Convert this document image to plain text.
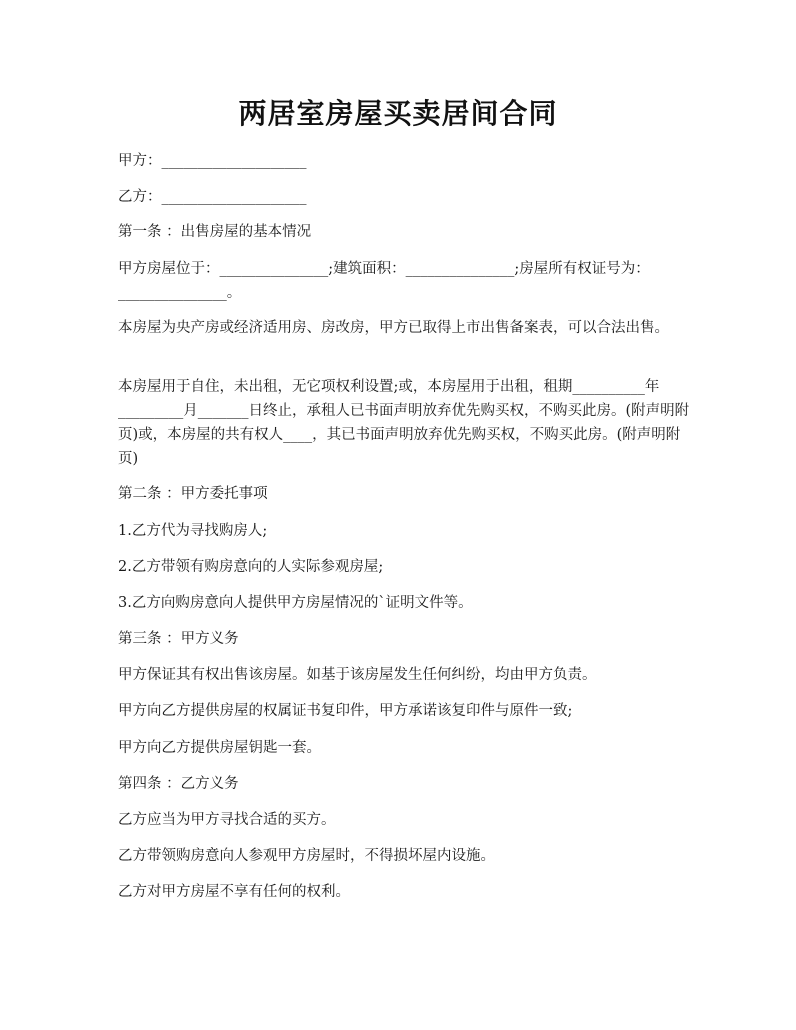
两居室房屋买卖居间合同

甲方：____________________

乙方：____________________

第一条 ：出售房屋的基本情况

甲方房屋位于：_______________;建筑面积：_______________;房屋所有权证号为：_______________。

本房屋为央产房或经济适用房、房改房，甲方已取得上市出售备案表，可以合法出售。

本房屋用于自住，未出租，无它项权利设置;或，本房屋用于出租，租期__________年_________月_______日终止，承租人已书面声明放弃优先购买权，不购买此房。(附声明附页)或，本房屋的共有权人____，其已书面声明放弃优先购买权，不购买此房。(附声明附页)

第二条 ：甲方委托事项

1.乙方代为寻找购房人;

2.乙方带领有购房意向的人实际参观房屋;

3.乙方向购房意向人提供甲方房屋情况的`证明文件等。

第三条 ：甲方义务

甲方保证其有权出售该房屋。如基于该房屋发生任何纠纷，均由甲方负责。

甲方向乙方提供房屋的权属证书复印件，甲方承诺该复印件与原件一致;

甲方向乙方提供房屋钥匙一套。

第四条 ：乙方义务

乙方应当为甲方寻找合适的买方。

乙方带领购房意向人参观甲方房屋时，不得损坏屋内设施。

乙方对甲方房屋不享有任何的权利。
